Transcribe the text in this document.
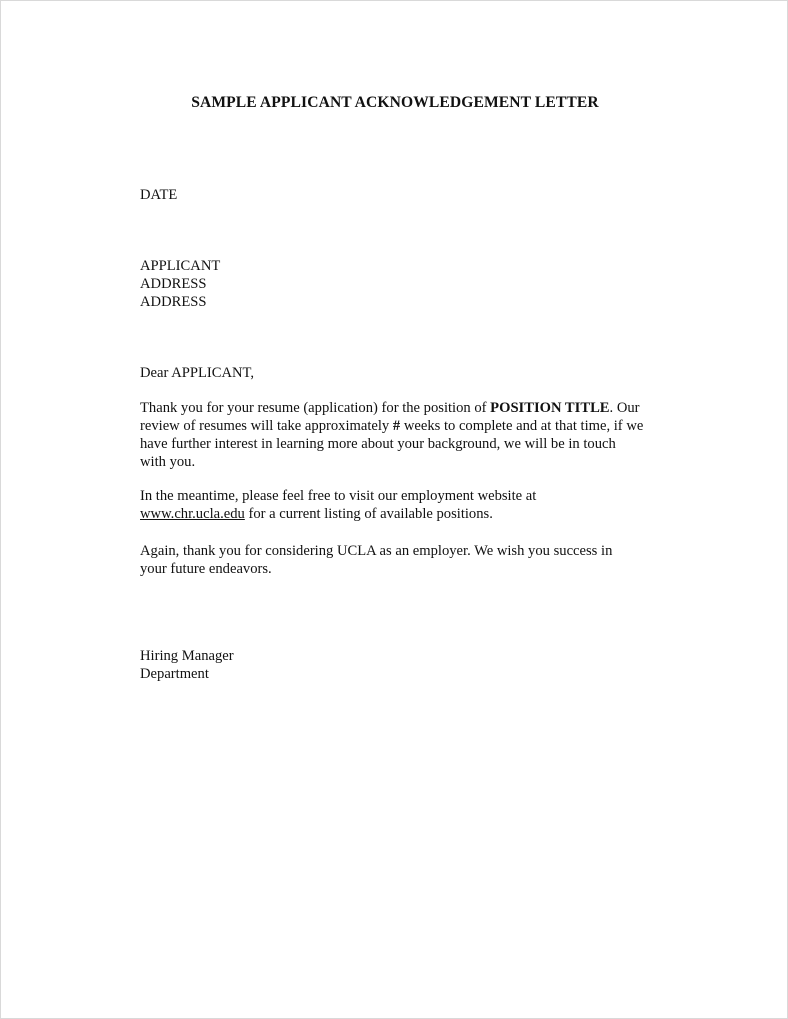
SAMPLE APPLICANT ACKNOWLEDGEMENT LETTER
DATE
APPLICANT
ADDRESS
ADDRESS
Dear APPLICANT,
Thank you for your resume (application) for the position of POSITION TITLE. Our
review of resumes will take approximately # weeks to complete and at that time, if we
have further interest in learning more about your background, we will be in touch
with you.
In the meantime, please feel free to visit our employment website at
www.chr.ucla.edu for a current listing of available positions.
Again, thank you for considering UCLA as an employer. We wish you success in
your future endeavors.
Hiring Manager
Department
